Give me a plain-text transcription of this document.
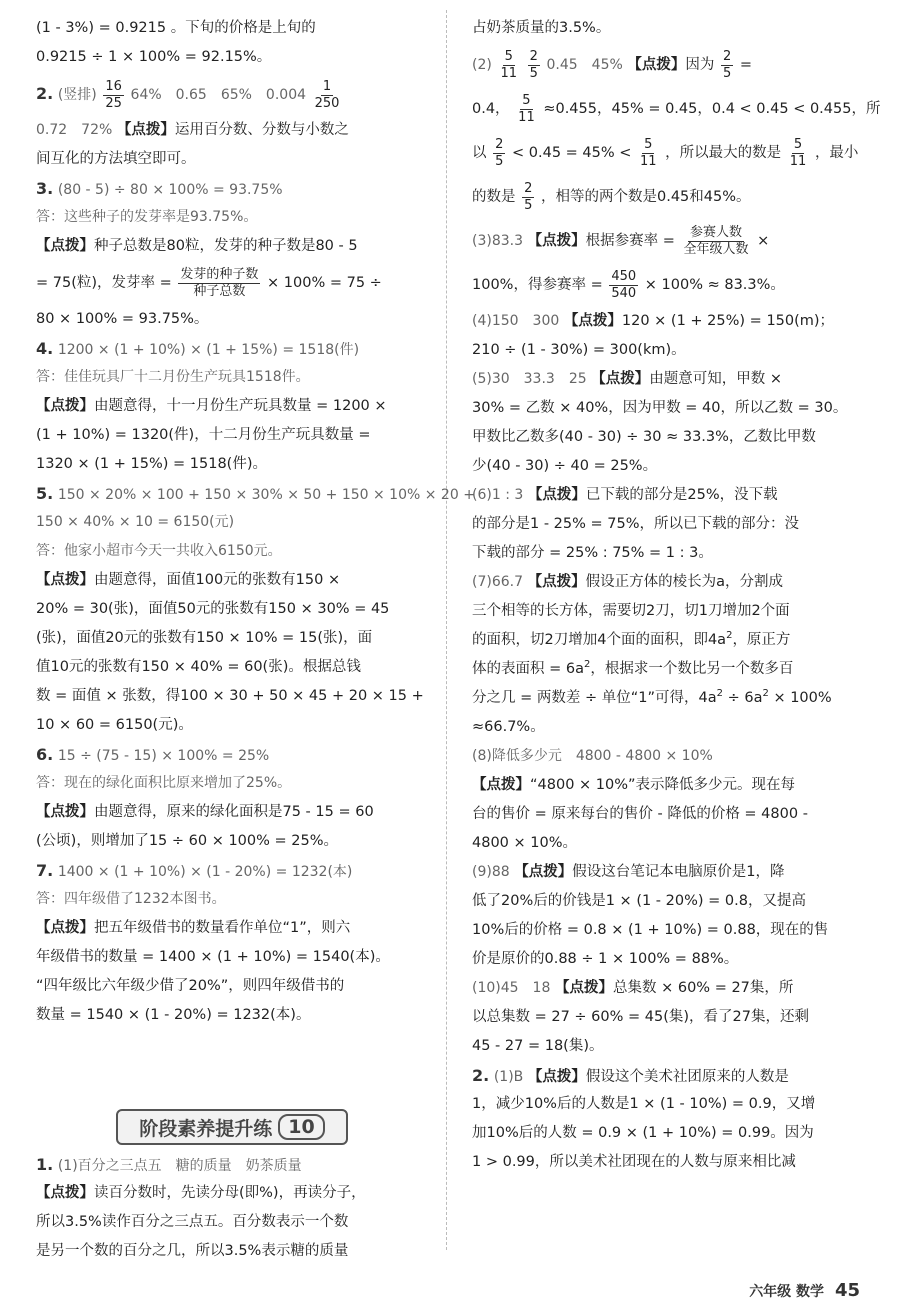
(1 - 3%) = 0.9215 。下旬的价格是上旬的
0.9215 ÷ 1 × 100% = 92.15%。
2. (竖排) $\frac{16}{25} 64\%$　0.65　65%　$0.004 \frac{1}{250}$
0.72　72% 【点拨】运用百分数、分数与小数之
间互化的方法填空即可。
3. (80 - 5) ÷ 80 × 100% = 93.75%
答：这些种子的发芽率是93.75%。
【点拨】种子总数是80粒，发芽的种子数是80 - 5
= 75(粒)，发芽率 = $\frac{\text{发芽的种子数}}{\text{种子总数}} \times 100\% = 75$ ÷
80 × 100% = 93.75%。
4. 1200 × (1 + 10%) × (1 + 15%) = 1518(件)
答：佳佳玩具厂十二月份生产玩具1518件。
【点拨】由题意得，十一月份生产玩具数量 = 1200 ×
(1 + 10%) = 1320(件)，十二月份生产玩具数量 =
1320 × (1 + 15%) = 1518(件)。
5. 150 × 20% × 100 + 150 × 30% × 50 + 150 × 10% × 20 +
150 × 40% × 10 = 6150(元)
答：他家小超市今天一共收入6150元。
【点拨】由题意得，面值100元的张数有150 ×
20% = 30(张)，面值50元的张数有150 × 30% = 45
(张)，面值20元的张数有150 × 10% = 15(张)，面
值10元的张数有150 × 40% = 60(张)。根据总钱
数 = 面值 × 张数，得100 × 30 + 50 × 45 + 20 × 15 +
10 × 60 = 6150(元)。
6. 15 ÷ (75 - 15) × 100% = 25%
答：现在的绿化面积比原来增加了25%。
【点拨】由题意得，原来的绿化面积是75 - 15 = 60
(公顷)，则增加了15 ÷ 60 × 100% = 25%。
7. 1400 × (1 + 10%) × (1 - 20%) = 1232(本)
答：四年级借了1232本图书。
【点拨】把五年级借书的数量看作单位“1”，则六
年级借书的数量 = 1400 × (1 + 10%) = 1540(本)。
“四年级比六年级少借了20%”，则四年级借书的
数量 = 1540 × (1 - 20%) = 1232(本)。
阶段素养提升练 10
1. (1)百分之三点五　糖的质量　奶茶质量
【点拨】读百分数时，先读分母(即%)，再读分子，
所以3.5%读作百分之三点五。百分数表示一个数
是另一个数的百分之几，所以3.5%表示糖的质量
占奶茶质量的3.5%。
$(2) \frac{5}{11}$
$\frac{2}{5} 0.45$　45% 【点拨】因为 $\frac{2}{5}$ =
0.4， $\frac{5}{11} \approx 0.455$，45% = 0.45，0.4 < 0.45 < 0.455，所
以 $\frac{2}{5} < 0.45 = 45\% < \frac{5}{11}$ ，所以最大的数是 $\frac{5}{11}$ ，最小
的数是 $\frac{2}{5}$ ，相等的两个数是0.45和45%。
(3)83.3 【点拨】根据参赛率 = $\frac{\text{参赛人数}}{\text{全年级人数}}$ ×
100%，得参赛率 = $\frac{450}{540} \times 100\% \approx 83.3\%$。
(4)150　300 【点拨】120 × (1 + 25%) = 150(m)；
210 ÷ (1 - 30%) = 300(km)。
(5)30　33.3　25 【点拨】由题意可知，甲数 ×
30% = 乙数 × 40%，因为甲数 = 40，所以乙数 = 30。
甲数比乙数多(40 - 30) ÷ 30 ≈ 33.3%，乙数比甲数
少(40 - 30) ÷ 40 = 25%。
(6)1 : 3 【点拨】已下载的部分是25%，没下载
的部分是1 - 25% = 75%，所以已下载的部分：没
下载的部分 = 25% : 75% = 1 : 3。
(7)66.7 【点拨】假设正方体的棱长为a，分割成
三个相等的长方体，需要切2刀，切1刀增加2个面
的面积，切2刀增加4个面的面积，即$4a^2$，原正方
体的表面积 = $6a^2$，根据求一个数比另一个数多百
分之几 = 两数差 ÷ 单位“1”可得，$4a^2 \div 6a^2 \times 100\%$
≈66.7%。
(8)降低多少元　4800 - 4800 × 10%
【点拨】“4800 × 10%”表示降低多少元。现在每
台的售价 = 原来每台的售价 - 降低的价格 = 4800 -
4800 × 10%。
(9)88 【点拨】假设这台笔记本电脑原价是1，降
低了20%后的价钱是1 × (1 - 20%) = 0.8，又提高
10%后的价格 = 0.8 × (1 + 10%) = 0.88，现在的售
价是原价的0.88 ÷ 1 × 100% = 88%。
(10)45　18 【点拨】总集数 × 60% = 27集，所
以总集数 = 27 ÷ 60% = 45(集)，看了27集，还剩
45 - 27 = 18(集)。
2. (1)B 【点拨】假设这个美术社团原来的人数是
1，减少10%后的人数是1 × (1 - 10%) = 0.9，又增
加10%后的人数 = 0.9 × (1 + 10%) = 0.99。因为
1 > 0.99，所以美术社团现在的人数与原来相比减
六年级 数学 45
